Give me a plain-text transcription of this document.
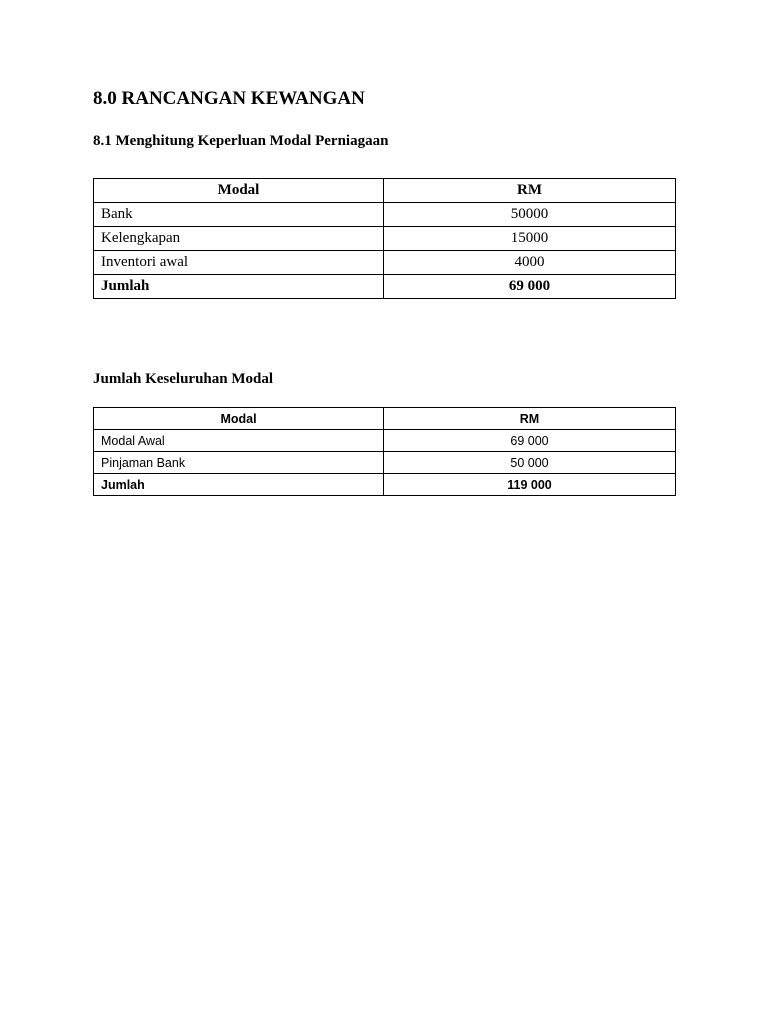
8.0 RANCANGAN KEWANGAN
8.1 Menghitung Keperluan Modal Perniagaan
Modal	RM
Bank	50000
Kelengkapan	15000
Inventori awal	4000
Jumlah	69 000
Jumlah Keseluruhan Modal
Modal	RM
Modal Awal	69 000
Pinjaman Bank	50 000
Jumlah	119 000
